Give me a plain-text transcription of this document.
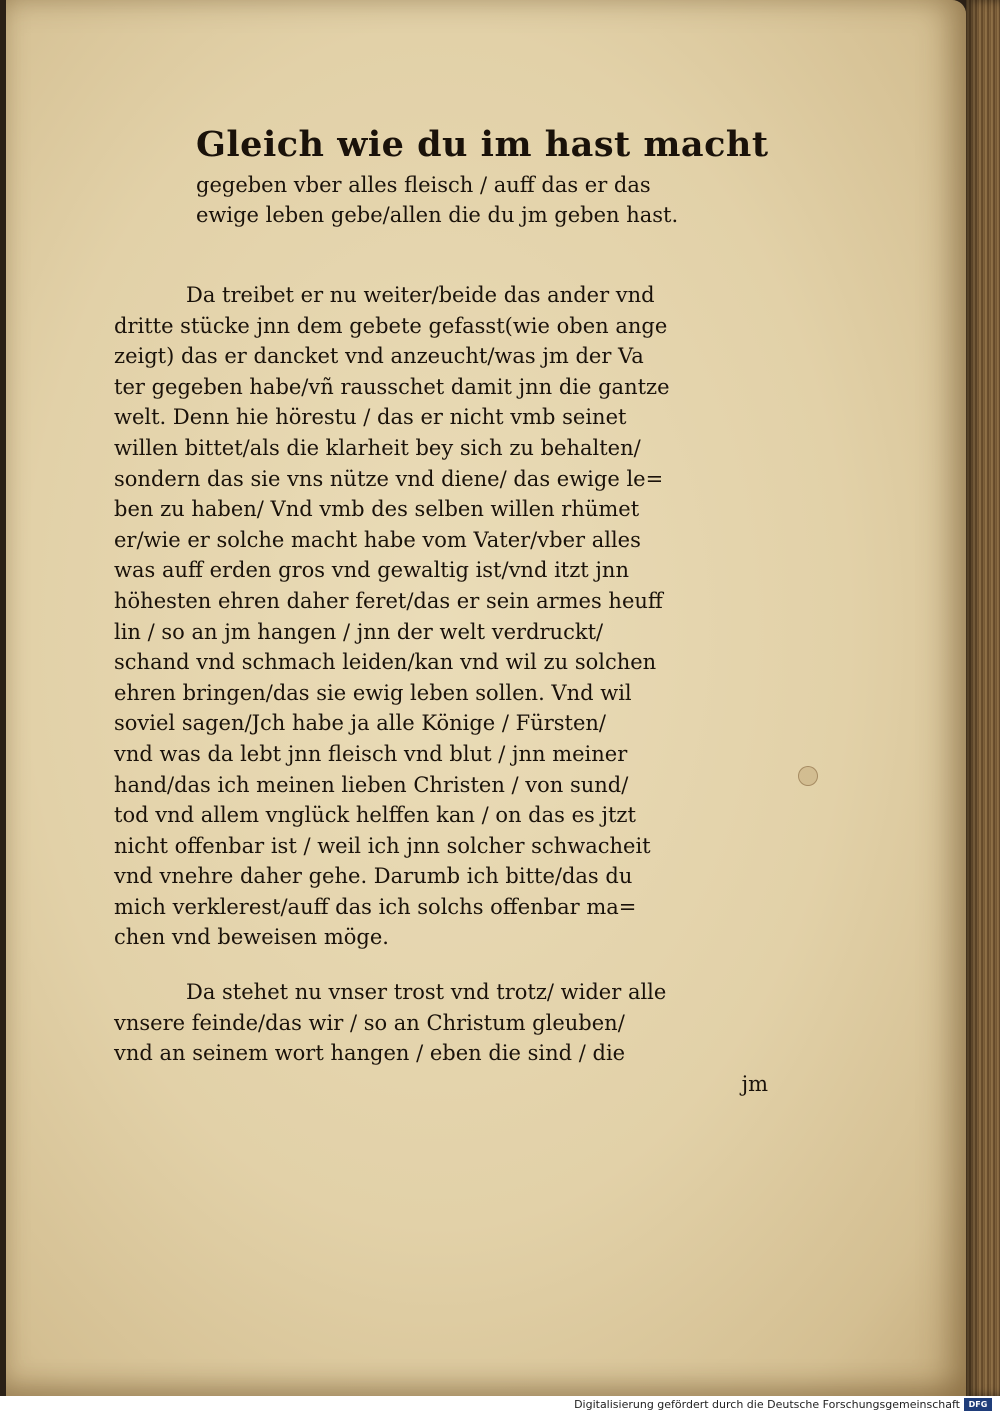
Gleich wie du im hast macht
gegeben vber alles fleisch / auff das er das
ewige leben gebe/allen die du jm geben hast.
Da treibet er nu weiter/beide das ander vnd
dritte stücke jnn dem gebete gefasst(wie oben ange
zeigt) das er dancket vnd anzeucht/was jm der Va
ter gegeben habe/vñ rausschet damit jnn die gantze
welt. Denn hie hörestu / das er nicht vmb seinet
willen bittet/als die klarheit bey sich zu behalten/
sondern das sie vns nütze vnd diene/ das ewige le=
ben zu haben/ Vnd vmb des selben willen rhümet
er/wie er solche macht habe vom Vater/vber alles
was auff erden gros vnd gewaltig ist/vnd itzt jnn
höhesten ehren daher feret/das er sein armes heuff
lin / so an jm hangen / jnn der welt verdruckt/
schand vnd schmach leiden/kan vnd wil zu solchen
ehren bringen/das sie ewig leben sollen. Vnd wil
soviel sagen/Jch habe ja alle Könige / Fürsten/
vnd was da lebt jnn fleisch vnd blut / jnn meiner
hand/das ich meinen lieben Christen / von sund/
tod vnd allem vnglück helffen kan / on das es jtzt
nicht offenbar ist / weil ich jnn solcher schwacheit
vnd vnehre daher gehe. Darumb ich bitte/das du
mich verklerest/auff das ich solchs offenbar ma=
chen vnd beweisen möge.
Da stehet nu vnser trost vnd trotz/ wider alle
vnsere feinde/das wir / so an Christum gleuben/
vnd an seinem wort hangen / eben die sind / die
jm
Digitalisierung gefördert durch die Deutsche Forschungsgemeinschaft	DFG
